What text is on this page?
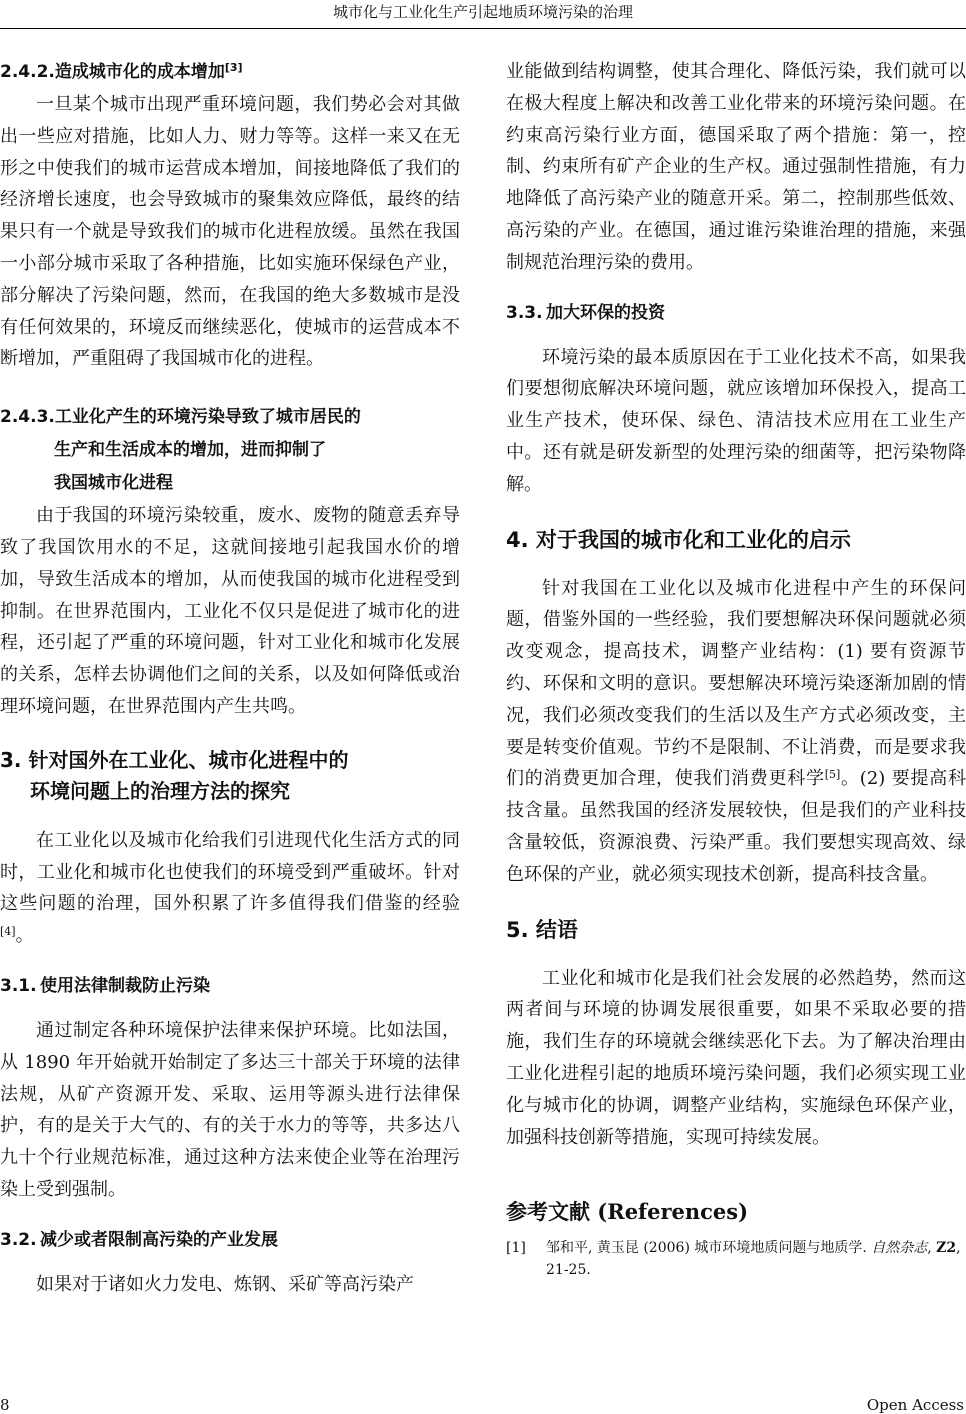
城市化与工业化生产引起地质环境污染的治理
2.4.2.造成城市化的成本增加[3]

一旦某个城市出现严重环境问题，我们势必会对其做出一些应对措施，比如人力、财力等等。这样一来又在无形之中使我们的城市运营成本增加，间接地降低了我们的经济增长速度，也会导致城市的聚集效应降低，最终的结果只有一个就是导致我们的城市化进程放缓。虽然在我国一小部分城市采取了各种措施，比如实施环保绿色产业，部分解决了污染问题，然而，在我国的绝大多数城市是没有任何效果的，环境反而继续恶化，使城市的运营成本不断增加，严重阻碍了我国城市化的进程。

2.4.3.工业化产生的环境污染导致了城市居民的
生产和生活成本的增加，进而抑制了
我国城市化进程

由于我国的环境污染较重，废水、废物的随意丢弃导致了我国饮用水的不足，这就间接地引起我国水价的增加，导致生活成本的增加，从而使我国的城市化进程受到抑制。在世界范围内，工业化不仅只是促进了城市化的进程，还引起了严重的环境问题，针对工业化和城市化发展的关系，怎样去协调他们之间的关系，以及如何降低或治理环境问题，在世界范围内产生共鸣。

3. 针对国外在工业化、城市化进程中的
环境问题上的治理方法的探究

在工业化以及城市化给我们引进现代化生活方式的同时，工业化和城市化也使我们的环境受到严重破坏。针对这些问题的治理，国外积累了许多值得我们借鉴的经验[4]。

3.1. 使用法律制裁防止污染

通过制定各种环境保护法律来保护环境。比如法国，从 1890 年开始就开始制定了多达三十部关于环境的法律法规，从矿产资源开发、采取、运用等源头进行法律保护，有的是关于大气的、有的关于水力的等等，共多达八九十个行业规范标准，通过这种方法来使企业等在治理污染上受到强制。

3.2. 减少或者限制高污染的产业发展

如果对于诸如火力发电、炼钢、采矿等高污染产

业能做到结构调整，使其合理化、降低污染，我们就可以在极大程度上解决和改善工业化带来的环境污染问题。在约束高污染行业方面，德国采取了两个措施：第一，控制、约束所有矿产企业的生产权。通过强制性措施，有力地降低了高污染产业的随意开采。第二，控制那些低效、高污染的产业。在德国，通过谁污染谁治理的措施，来强制规范治理污染的费用。

3.3. 加大环保的投资

环境污染的最本质原因在于工业化技术不高，如果我们要想彻底解决环境问题，就应该增加环保投入，提高工业生产技术，使环保、绿色、清洁技术应用在工业生产中。还有就是研发新型的处理污染的细菌等，把污染物降解。

4. 对于我国的城市化和工业化的启示

针对我国在工业化以及城市化进程中产生的环保问题，借鉴外国的一些经验，我们要想解决环保问题就必须改变观念，提高技术，调整产业结构：(1) 要有资源节约、环保和文明的意识。要想解决环境污染逐渐加剧的情况，我们必须改变我们的生活以及生产方式必须改变，主要是转变价值观。节约不是限制、不让消费，而是要求我们的消费更加合理，使我们消费更科学[5]。(2) 要提高科技含量。虽然我国的经济发展较快，但是我们的产业科技含量较低，资源浪费、污染严重。我们要想实现高效、绿色环保的产业，就必须实现技术创新，提高科技含量。

5. 结语

工业化和城市化是我们社会发展的必然趋势，然而这两者间与环境的协调发展很重要，如果不采取必要的措施，我们生存的环境就会继续恶化下去。为了解决治理由工业化进程引起的地质环境污染问题，我们必须实现工业化与城市化的协调，调整产业结构，实施绿色环保产业，加强科技创新等措施，实现可持续发展。

参考文献 (References)
[1]	邹和平, 黄玉昆 (2006) 城市环境地质问题与地质学. 自然杂志, Z2, 21-25.
8	Open Access
